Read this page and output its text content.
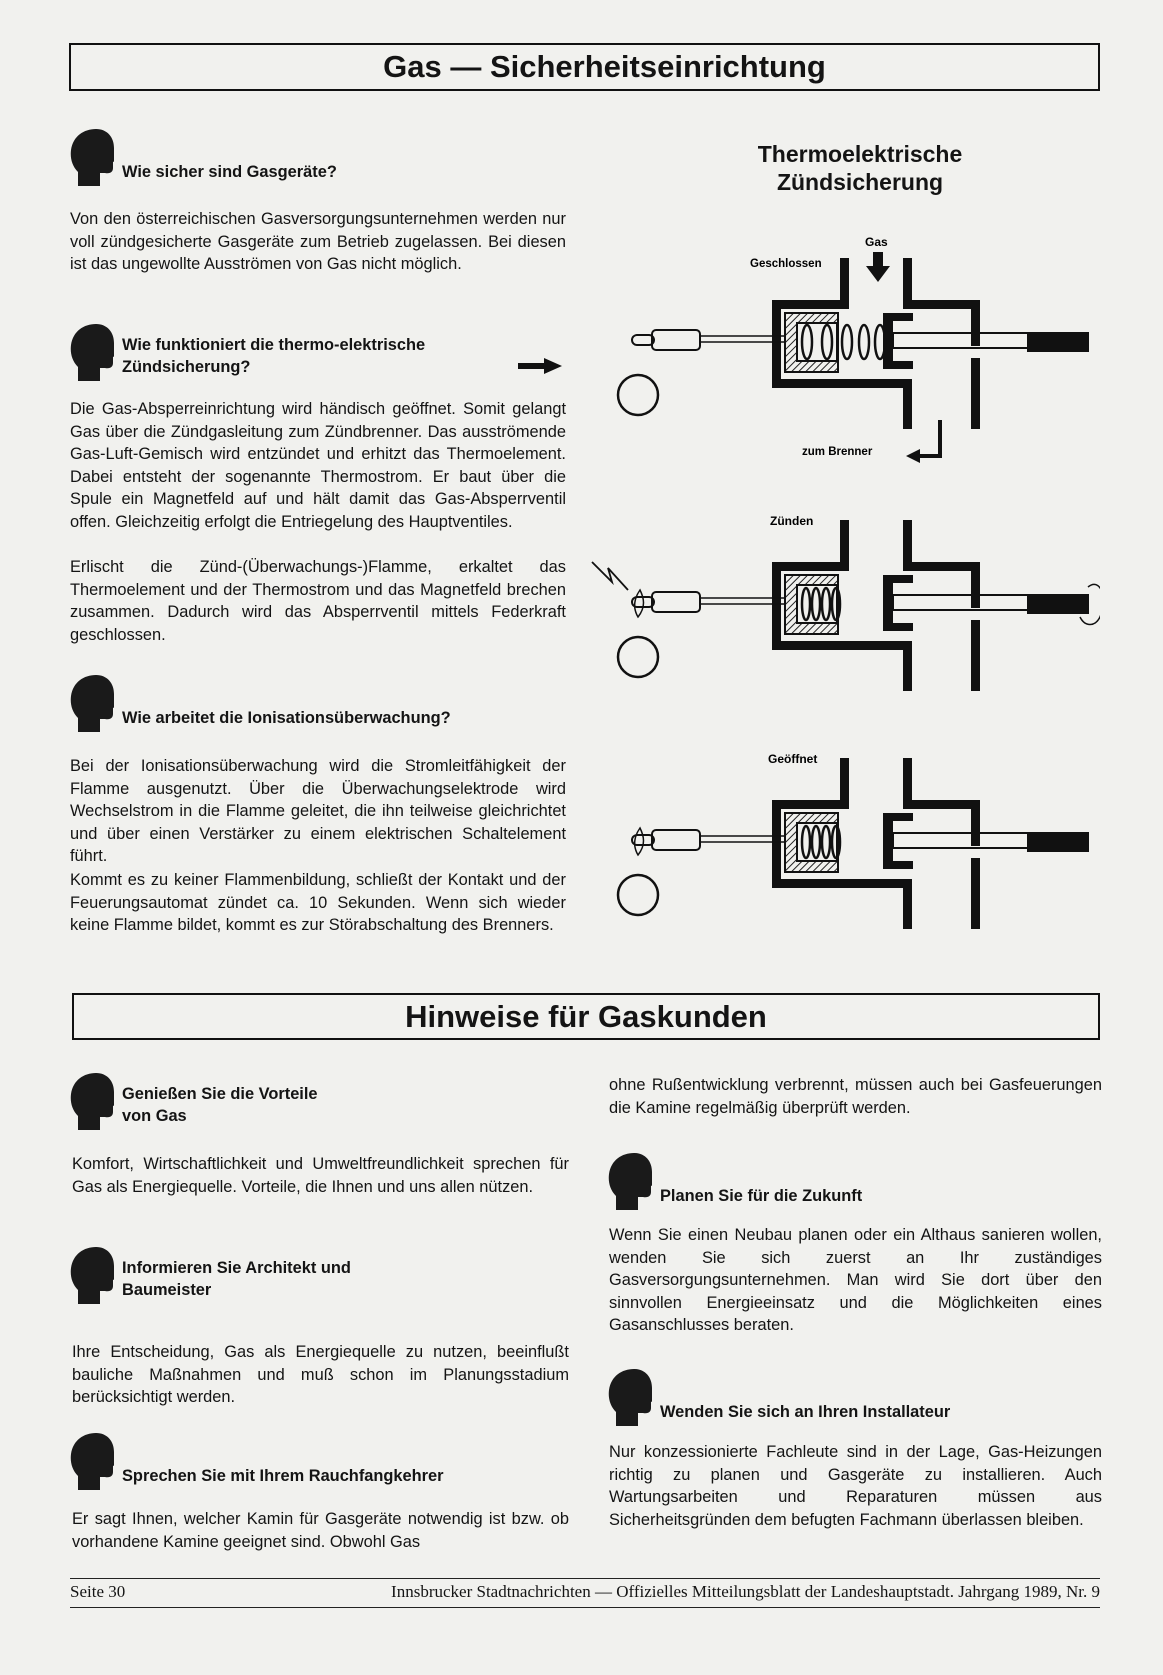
Gas — Sicherheitseinrichtung
Wie sicher sind Gasgeräte?

Von den österreichischen Gasversorgungsunternehmen werden nur voll zündgesicherte Gasgeräte zum Betrieb zugelassen. Bei diesen ist das ungewollte Ausströmen von Gas nicht möglich.

Wie funktioniert die thermo-elektrische
Zündsicherung?

Die Gas-Absperreinrichtung wird händisch geöffnet. Somit gelangt Gas über die Zündgasleitung zum Zündbrenner. Das ausströmende Gas-Luft-Gemisch wird entzündet und erhitzt das Thermoelement. Dabei entsteht der sogenannte Thermostrom. Er baut über die Spule ein Magnetfeld auf und hält damit das Gas-Absperrventil offen. Gleichzeitig erfolgt die Entriegelung des Hauptventiles.

Erlischt die Zünd-(Überwachungs-)Flamme, erkaltet das Thermoelement und der Thermostrom und das Magnetfeld brechen zusammen. Dadurch wird das Absperrventil mittels Federkraft geschlossen.

Wie arbeitet die Ionisationsüberwachung?

Bei der Ionisationsüberwachung wird die Stromleitfähigkeit der Flamme ausgenutzt. Über die Überwachungselektrode wird Wechselstrom in die Flamme geleitet, die ihn teilweise gleichrichtet und über einen Verstärker zu einem elektrischen Schaltelement führt.

Kommt es zu keiner Flammenbildung, schließt der Kontakt und der Feuerungsautomat zündet ca. 10 Sekunden. Wenn sich wieder keine Flamme bildet, kommt es zur Störabschaltung des Brenners.

Thermoelektrische
Zündsicherung
Gas
Geschlossen
zum Brenner
Zünden
Geöffnet
Hinweise für Gaskunden
Genießen Sie die Vorteile
von Gas

Komfort, Wirtschaftlichkeit und Umweltfreundlichkeit sprechen für Gas als Energiequelle. Vorteile, die Ihnen und uns allen nützen.

Informieren Sie Architekt und
Baumeister

Ihre Entscheidung, Gas als Energiequelle zu nutzen, beeinflußt bauliche Maßnahmen und muß schon im Planungsstadium berücksichtigt werden.

Sprechen Sie mit Ihrem Rauchfangkehrer

Er sagt Ihnen, welcher Kamin für Gasgeräte notwendig ist bzw. ob vorhandene Kamine geeignet sind. Obwohl Gas

ohne Rußentwicklung verbrennt, müssen auch bei Gasfeuerungen die Kamine regelmäßig überprüft werden.

Planen Sie für die Zukunft

Wenn Sie einen Neubau planen oder ein Althaus sanieren wollen, wenden Sie sich zuerst an Ihr zuständiges Gasversorgungsunternehmen. Man wird Sie dort über den sinnvollen Energieeinsatz und die Möglichkeiten eines Gasanschlusses beraten.

Wenden Sie sich an Ihren Installateur

Nur konzessionierte Fachleute sind in der Lage, Gas-Heizungen richtig zu planen und Gasgeräte zu installieren. Auch Wartungsarbeiten und Reparaturen müssen aus Sicherheitsgründen dem befugten Fachmann überlassen bleiben.

Seite 30	Innsbrucker Stadtnachrichten — Offizielles Mitteilungsblatt der Landeshauptstadt. Jahrgang 1989, Nr. 9
